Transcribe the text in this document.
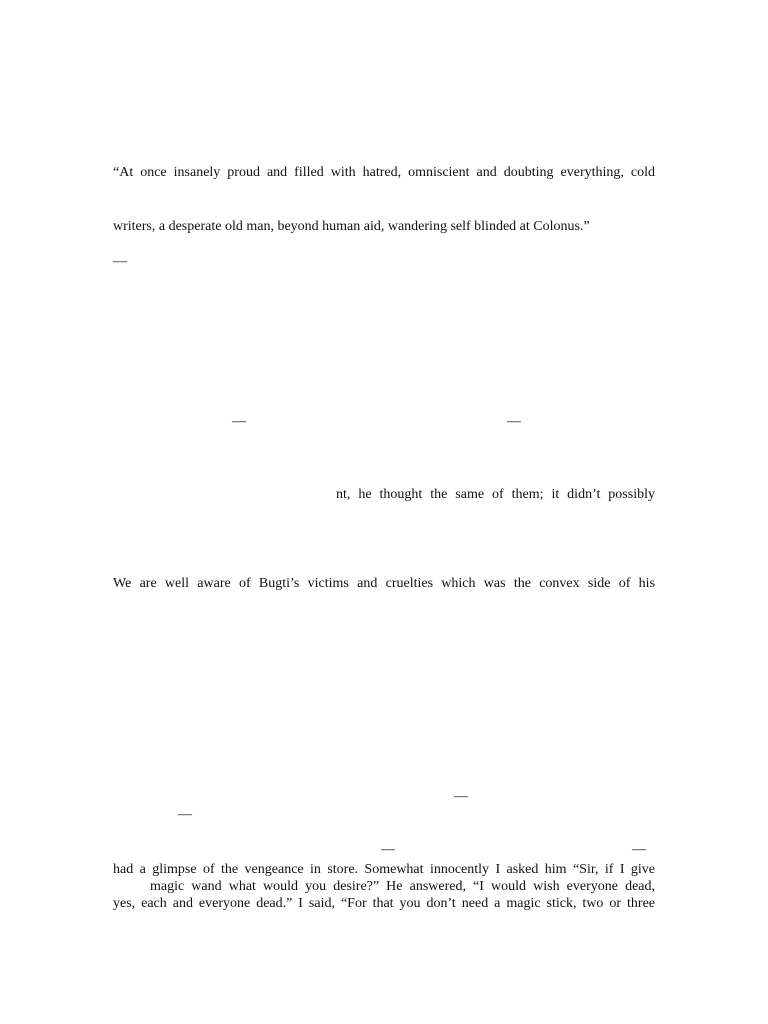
“At once insanely proud and filled with hatred, omniscient and doubting everything, cold
writers, a desperate old man, beyond human aid, wandering self blinded at Colonus.”
—
—	—
nt, he thought the same of them; it didn’t possibly
We are well aware of Bugti’s victims and cruelties which was the convex side of his
—
—
—	—
had a glimpse of the vengeance in store. Somewhat innocently I asked him “Sir, if I give
magic wand what would you desire?” He answered, “I would wish everyone dead,
yes, each and everyone dead.” I said, “For that you don’t need a magic stick, two or three
